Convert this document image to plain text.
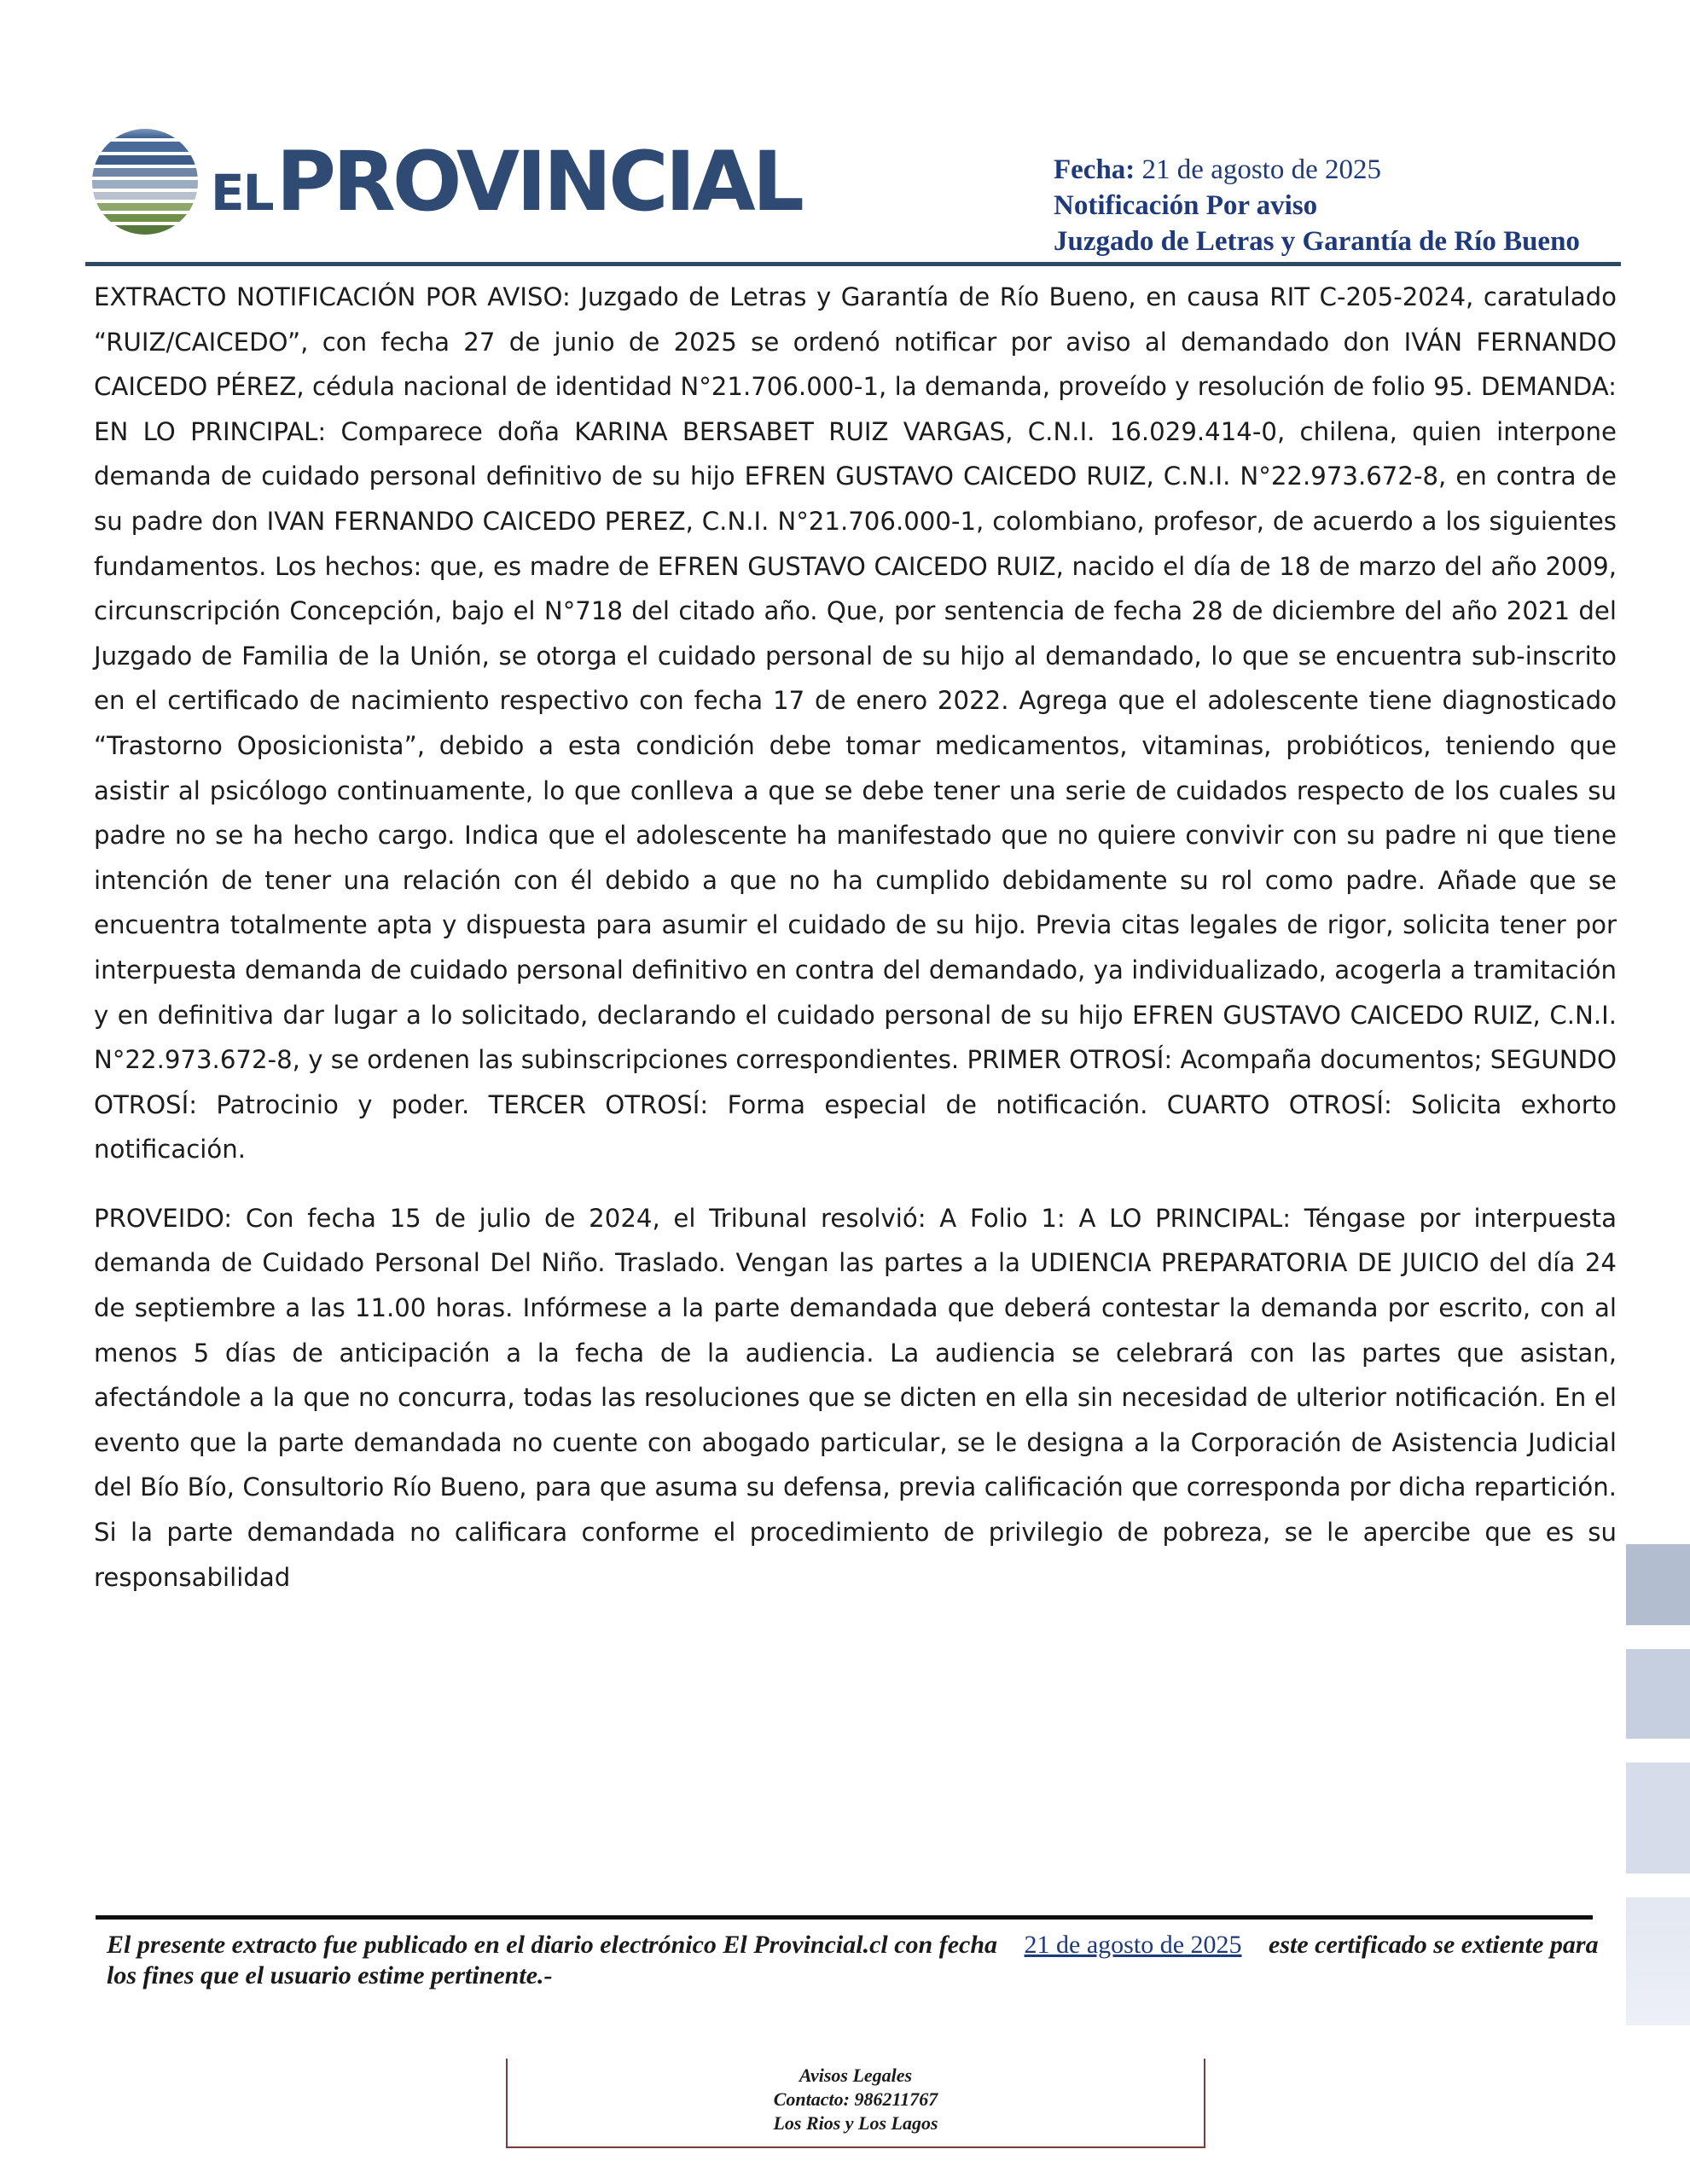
EL PROVINCIAL	Fecha: 21 de agosto de 2025
Notificación Por aviso
Juzgado de Letras y Garantía de Río Bueno

EXTRACTO NOTIFICACIÓN POR AVISO: Juzgado de Letras y Garantía de Río Bueno, en causa RIT C-205-2024, caratulado “RUIZ/CAICEDO”, con fecha 27 de junio de 2025 se ordenó notificar por aviso al demandado don IVÁN FERNANDO CAICEDO PÉREZ, cédula nacional de identidad N°21.706.000-1, la demanda, proveído y resolución de folio 95. DEMANDA: EN LO PRINCIPAL: Comparece doña KARINA BERSABET RUIZ VARGAS, C.N.I. 16.029.414-0, chilena, quien interpone demanda de cuidado personal definitivo de su hijo EFREN GUSTAVO CAICEDO RUIZ, C.N.I. N°22.973.672-8, en contra de su padre don IVAN FERNANDO CAICEDO PEREZ, C.N.I. N°21.706.000-1, colombiano, profesor, de acuerdo a los siguientes fundamentos. Los hechos: que, es madre de EFREN GUSTAVO CAICEDO RUIZ, nacido el día de 18 de marzo del año 2009, circunscripción Concepción, bajo el N°718 del citado año. Que, por sentencia de fecha 28 de diciembre del año 2021 del Juzgado de Familia de la Unión, se otorga el cuidado personal de su hijo al demandado, lo que se encuentra sub-inscrito en el certificado de nacimiento respectivo con fecha 17 de enero 2022. Agrega que el adolescente tiene diagnosticado “Trastorno Oposicionista”, debido a esta condición debe tomar medicamentos, vitaminas, probióticos, teniendo que asistir al psicólogo continuamente, lo que conlleva a que se debe tener una serie de cuidados respecto de los cuales su padre no se ha hecho cargo. Indica que el adolescente ha manifestado que no quiere convivir con su padre ni que tiene intención de tener una relación con él debido a que no ha cumplido debidamente su rol como padre. Añade que se encuentra totalmente apta y dispuesta para asumir el cuidado de su hijo. Previa citas legales de rigor, solicita tener por interpuesta demanda de cuidado personal definitivo en contra del demandado, ya individualizado, acogerla a tramitación y en definitiva dar lugar a lo solicitado, declarando el cuidado personal de su hijo EFREN GUSTAVO CAICEDO RUIZ, C.N.I. N°22.973.672-8, y se ordenen las subinscripciones correspondientes. PRIMER OTROSÍ: Acompaña documentos; SEGUNDO OTROSÍ: Patrocinio y poder. TERCER OTROSÍ: Forma especial de notificación. CUARTO OTROSÍ: Solicita exhorto notificación.

PROVEIDO: Con fecha 15 de julio de 2024, el Tribunal resolvió: A Folio 1: A LO PRINCIPAL: Téngase por interpuesta demanda de Cuidado Personal Del Niño. Traslado. Vengan las partes a la UDIENCIA PREPARATORIA DE JUICIO del día 24 de septiembre a las 11.00 horas. Infórmese a la parte demandada que deberá contestar la demanda por escrito, con al menos 5 días de anticipación a la fecha de la audiencia. La audiencia se celebrará con las partes que asistan, afectándole a la que no concurra, todas las resoluciones que se dicten en ella sin necesidad de ulterior notificación. En el evento que la parte demandada no cuente con abogado particular, se le designa a la Corporación de Asistencia Judicial del Bío Bío, Consultorio Río Bueno, para que asuma su defensa, previa calificación que corresponda por dicha repartición. Si la parte demandada no calificara conforme el procedimiento de privilegio de pobreza, se le apercibe que es su responsabilidad

El presente extracto fue publicado en el diario electrónico El Provincial.cl con fecha 21 de agosto de 2025 este certificado se extiente para los fines que el usuario estime pertinente.-
Avisos Legales
Contacto: 986211767
Los Rios y Los Lagos
